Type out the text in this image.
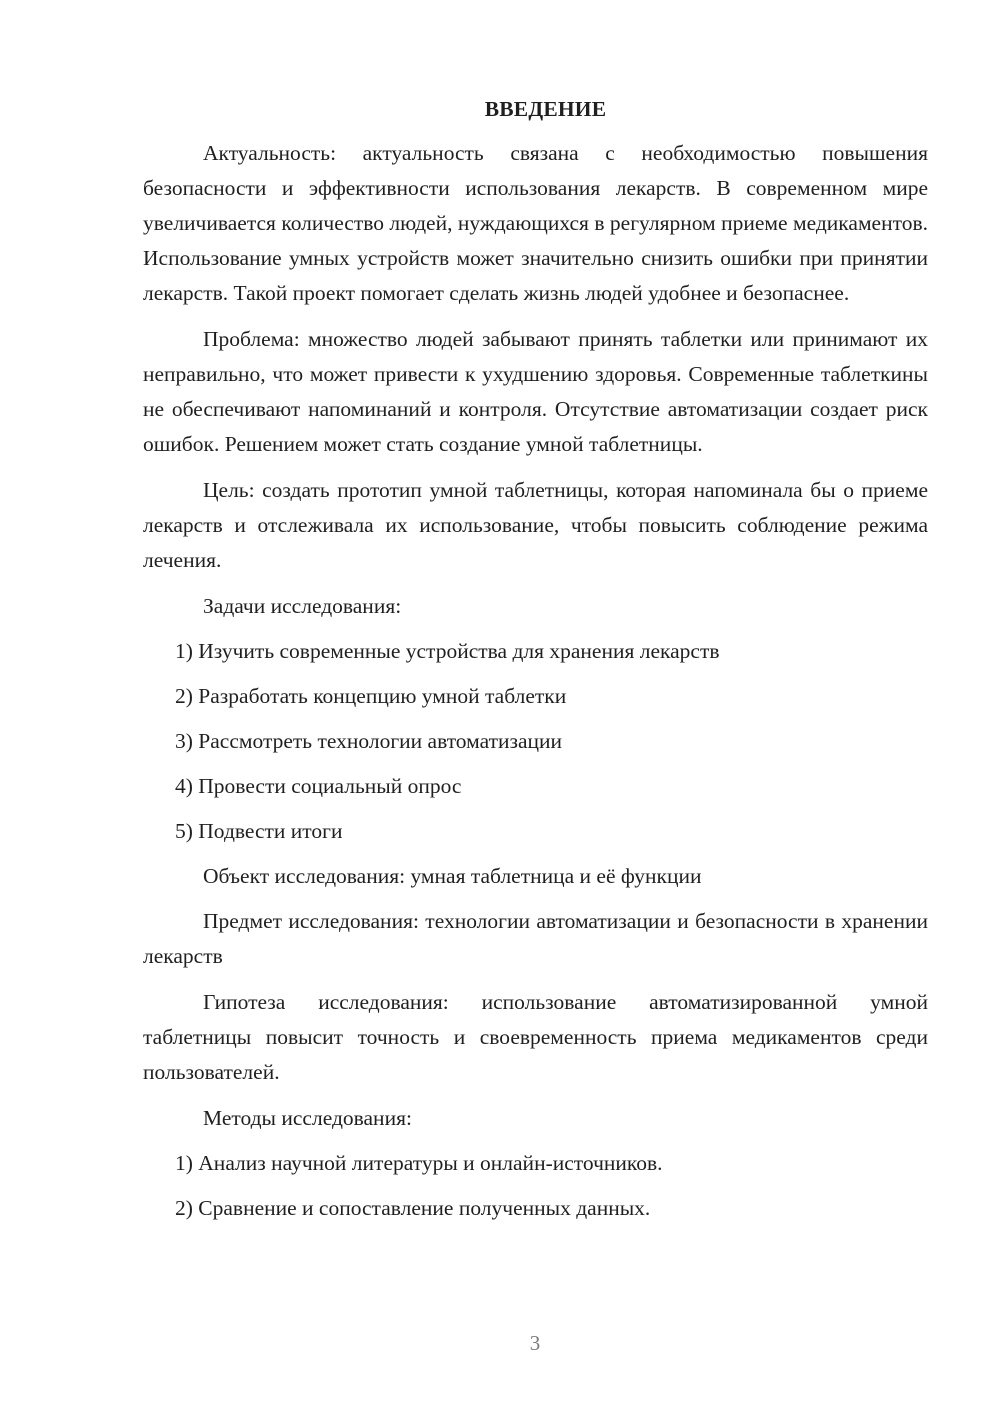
ВВЕДЕНИЕ

Актуальность: актуальность связана с необходимостью повышения безопасности и эффективности использования лекарств. В современном мире увеличивается количество людей, нуждающихся в регулярном приеме медикаментов. Использование умных устройств может значительно снизить ошибки при принятии лекарств. Такой проект помогает сделать жизнь людей удобнее и безопаснее.

Проблема: множество людей забывают принять таблетки или принимают их неправильно, что может привести к ухудшению здоровья. Современные таблеткины не обеспечивают напоминаний и контроля. Отсутствие автоматизации создает риск ошибок. Решением может стать создание умной таблетницы.

Цель: создать прототип умной таблетницы, которая напоминала бы о приеме лекарств и отслеживала их использование, чтобы повысить соблюдение режима лечения.

Задачи исследования:

1) Изучить современные устройства для хранения лекарств
2) Разработать концепцию умной таблетки
3) Рассмотреть технологии автоматизации
4) Провести социальный опрос
5) Подвести итоги

Объект исследования: умная таблетница и её функции

Предмет исследования: технологии автоматизации и безопасности в хранении лекарств

Гипотеза исследования: использование автоматизированной умной таблетницы повысит точность и своевременность приема медикаментов среди пользователей.

Методы исследования:

1) Анализ научной литературы и онлайн-источников.
2) Сравнение и сопоставление полученных данных.
3
